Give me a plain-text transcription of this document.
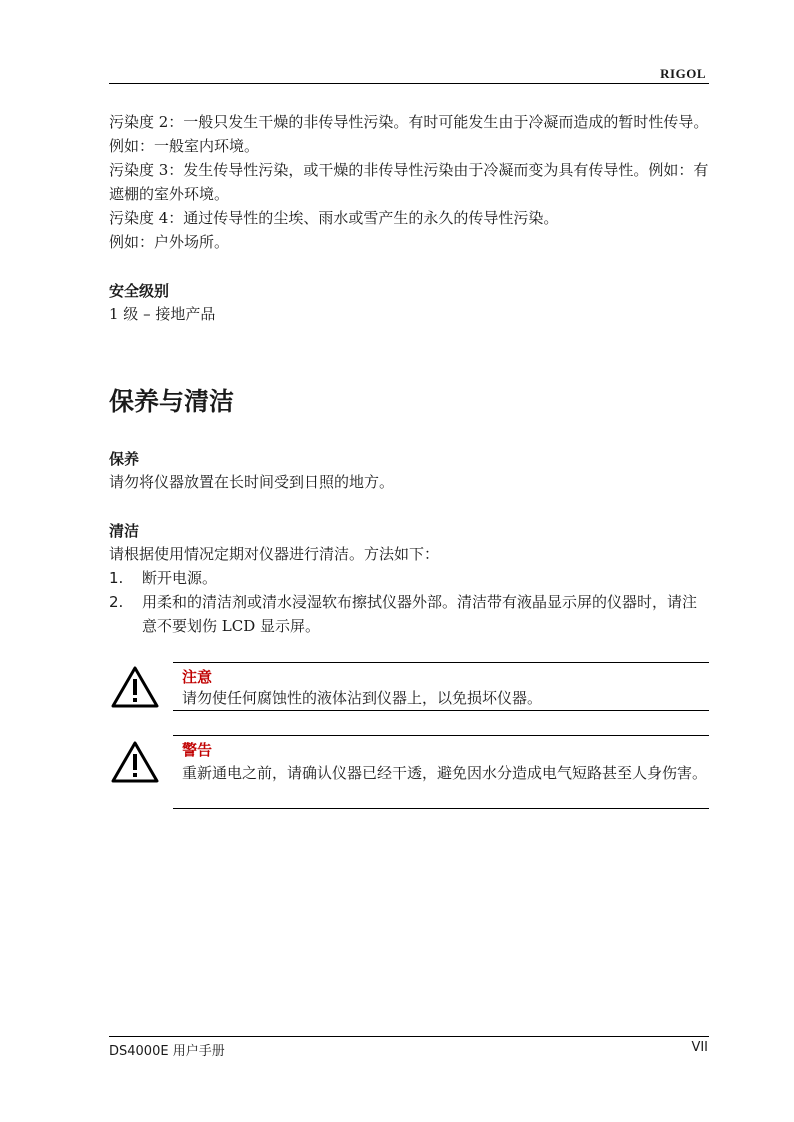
RIGOL

污染度 2：一般只发生干燥的非传导性污染。有时可能发生由于冷凝而造成的暂时性传导。例如：一般室内环境。

污染度 3：发生传导性污染，或干燥的非传导性污染由于冷凝而变为具有传导性。例如：有遮棚的室外环境。

污染度 4：通过传导性的尘埃、雨水或雪产生的永久的传导性污染。

例如：户外场所。

安全级别

1 级 – 接地产品

保养与清洁
保养

请勿将仪器放置在长时间受到日照的地方。

清洁

请根据使用情况定期对仪器进行清洁。方法如下：

1. 断开电源。
2. 用柔和的清洁剂或清水浸湿软布擦拭仪器外部。清洁带有液晶显示屏的仪器时，请注意不要划伤 LCD 显示屏。
注意
请勿使任何腐蚀性的液体沾到仪器上，以免损坏仪器。
警告
重新通电之前，请确认仪器已经干透，避免因水分造成电气短路甚至人身伤害。
DS4000E 用户手册	VII
